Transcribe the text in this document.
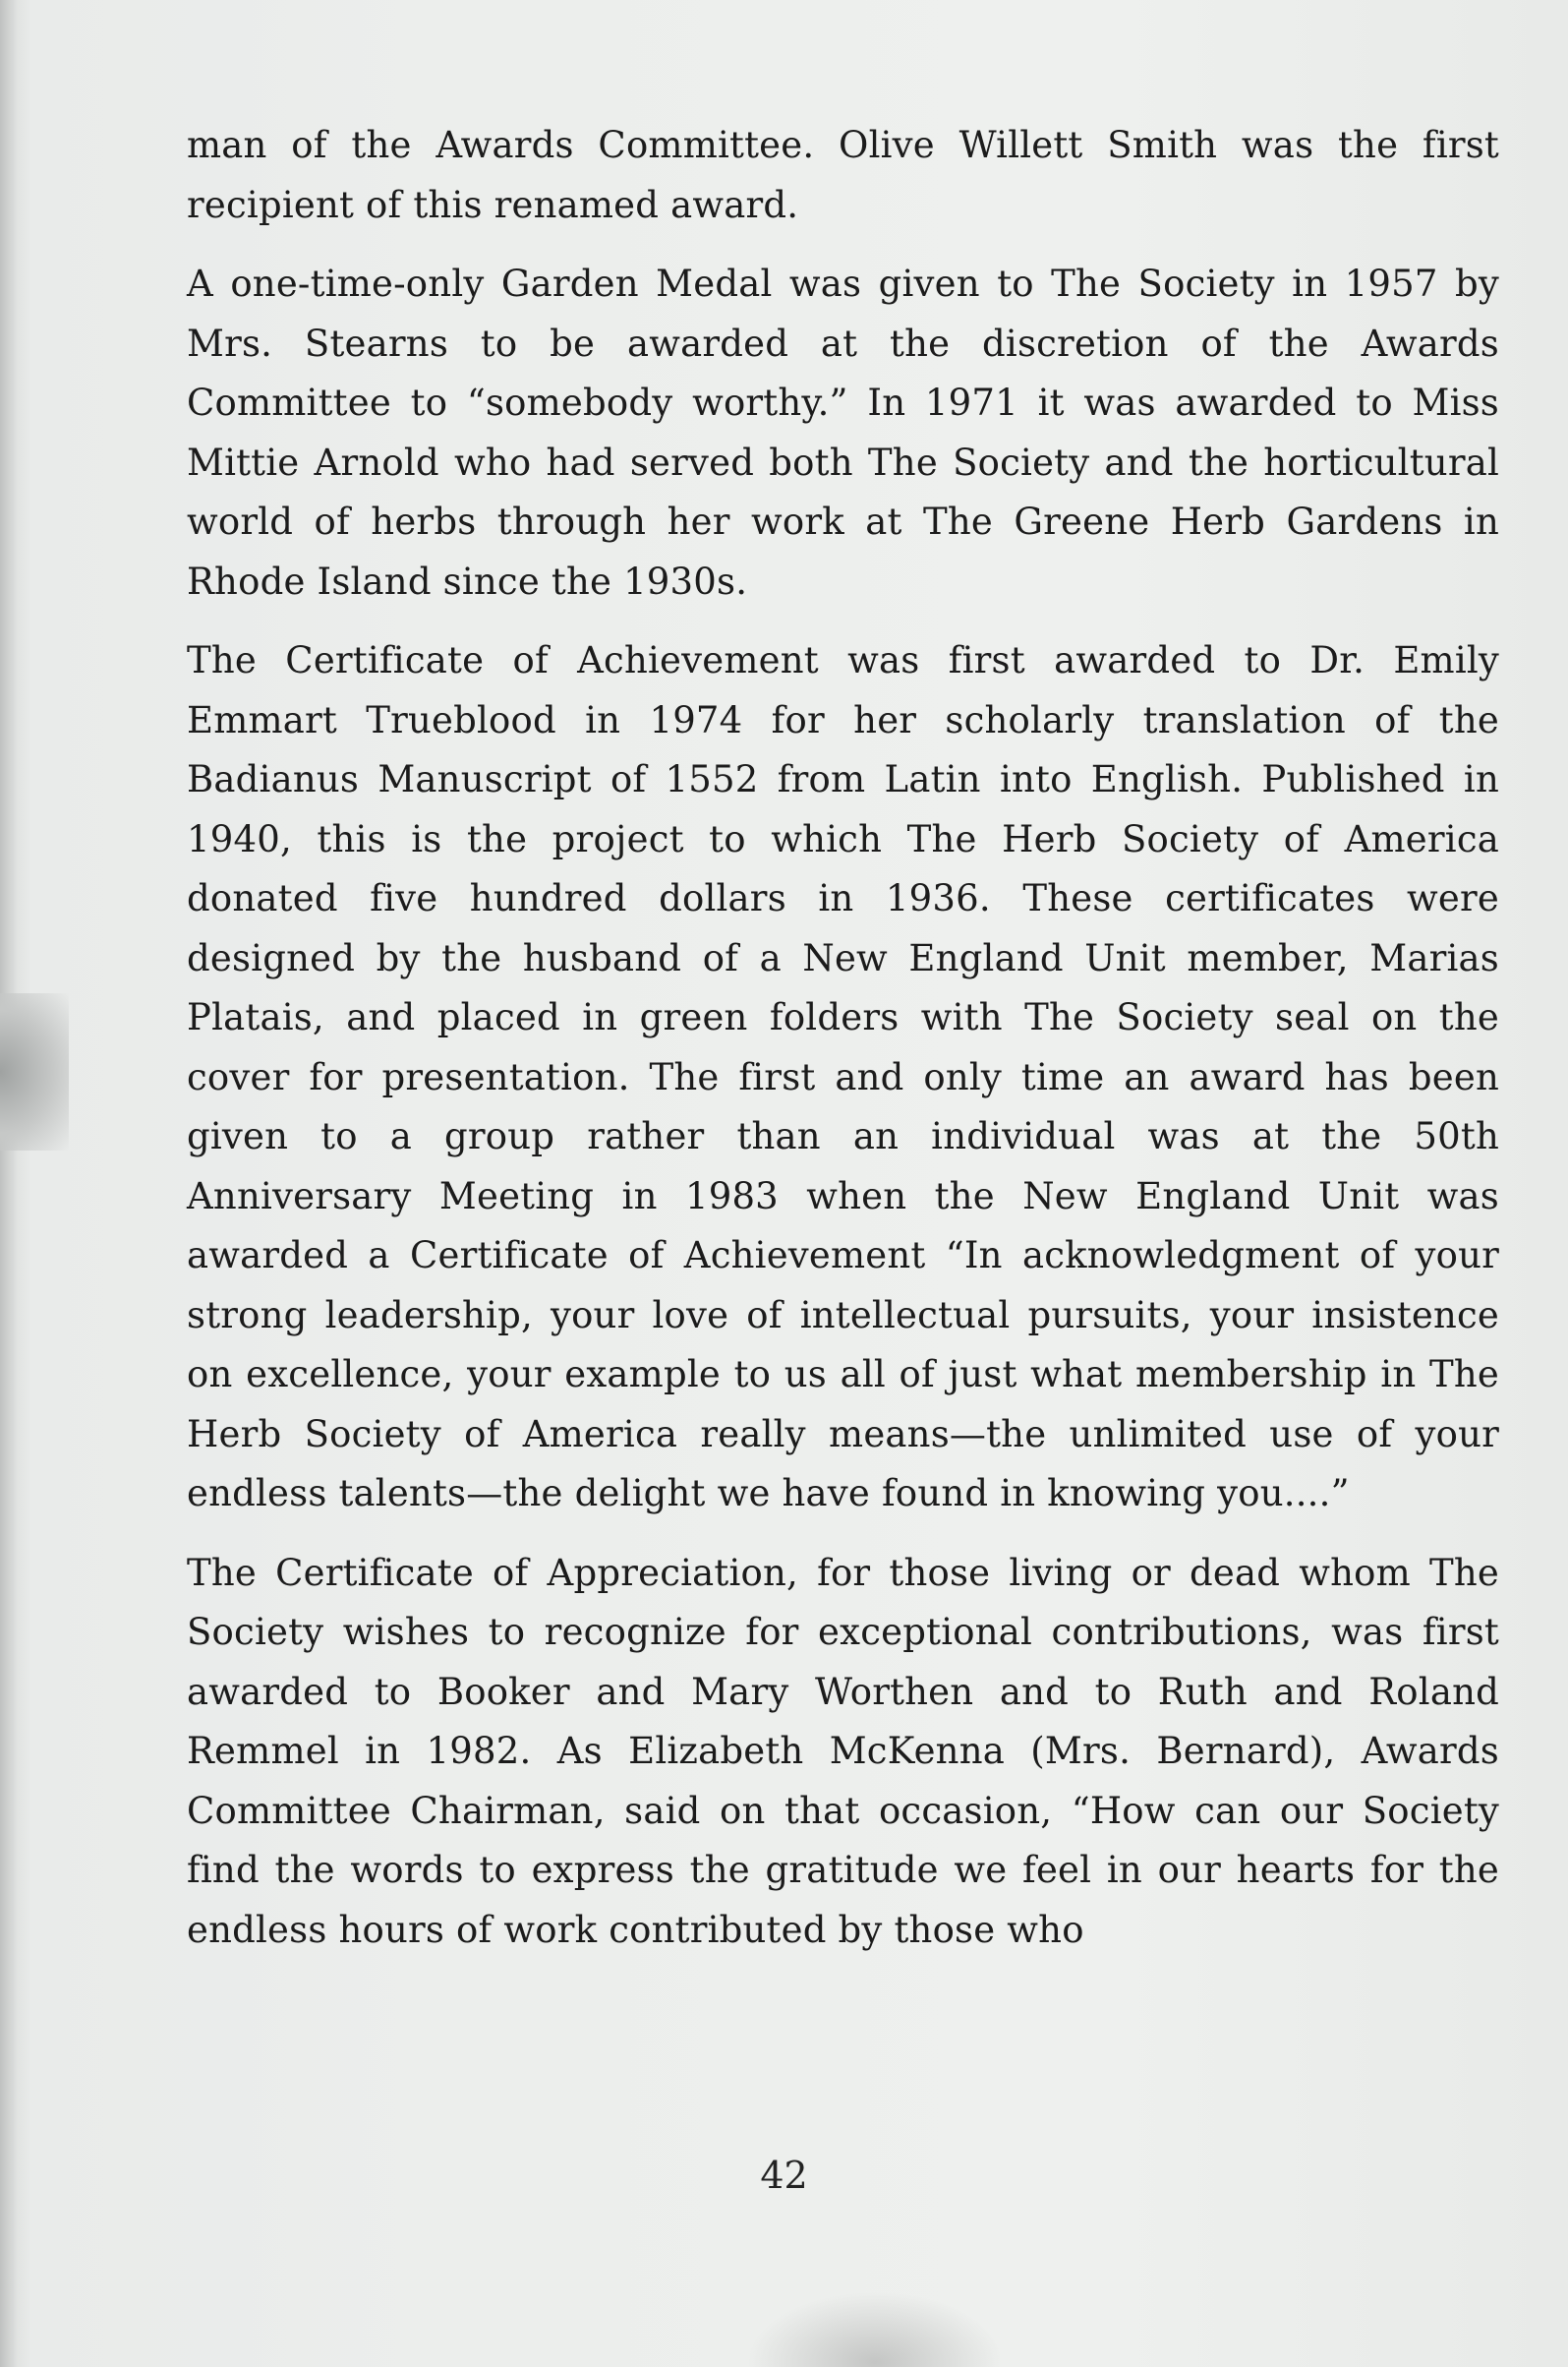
man of the Awards Committee. Olive Willett Smith was the first recipient of this renamed award.

A one-time-only Garden Medal was given to The Society in 1957 by Mrs. Stearns to be awarded at the discretion of the Awards Committee to “somebody worthy.” In 1971 it was awarded to Miss Mittie Arnold who had served both The Society and the horticultural world of herbs through her work at The Greene Herb Gardens in Rhode Island since the 1930s.

The Certificate of Achievement was first awarded to Dr. Emily Emmart Trueblood in 1974 for her scholarly translation of the Badianus Manuscript of 1552 from Latin into English. Published in 1940, this is the project to which The Herb Society of America donated five hundred dollars in 1936. These certificates were designed by the husband of a New England Unit member, Marias Platais, and placed in green folders with The Society seal on the cover for presentation. The first and only time an award has been given to a group rather than an individual was at the 50th Anniversary Meeting in 1983 when the New England Unit was awarded a Certificate of Achievement “In acknowledgment of your strong leadership, your love of intellectual pursuits, your insistence on excellence, your example to us all of just what membership in The Herb Society of America really means—the unlimited use of your endless talents—the delight we have found in knowing you....”

The Certificate of Appreciation, for those living or dead whom The Society wishes to recognize for exceptional contributions, was first awarded to Booker and Mary Worthen and to Ruth and Roland Remmel in 1982. As Elizabeth McKenna (Mrs. Bernard), Awards Committee Chairman, said on that occasion, “How can our Society find the words to express the gratitude we feel in our hearts for the endless hours of work contributed by those who

42
